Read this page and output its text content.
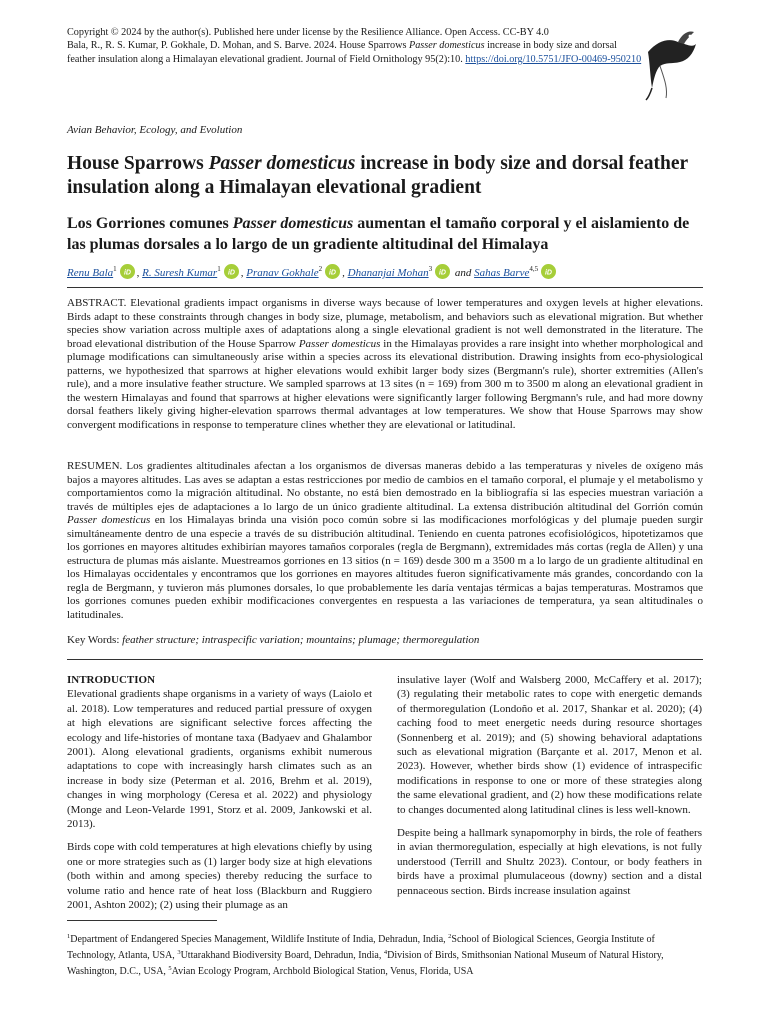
Copyright © 2024 by the author(s). Published here under license by the Resilience Alliance. Open Access. CC-BY 4.0
Bala, R., R. S. Kumar, P. Gokhale, D. Mohan, and S. Barve. 2024. House Sparrows Passer domesticus increase in body size and dorsal feather insulation along a Himalayan elevational gradient. Journal of Field Ornithology 95(2):10. https://doi.org/10.5751/JFO-00469-950210
Avian Behavior, Ecology, and Evolution
House Sparrows Passer domesticus increase in body size and dorsal feather insulation along a Himalayan elevational gradient
Los Gorriones comunes Passer domesticus aumentan el tamaño corporal y el aislamiento de las plumas dorsales a lo largo de un gradiente altitudinal del Himalaya
Renu Bala$^1$ iD , R. Suresh Kumar$^1$ iD , Pranav Gokhale$^2$ iD , Dhananjai Mohan$^3$ iD and Sahas Barve$^{4,5}$ iD

ABSTRACT. Elevational gradients impact organisms in diverse ways because of lower temperatures and oxygen levels at higher elevations. Birds adapt to these constraints through changes in body size, plumage, metabolism, and behaviors such as elevational migration. But whether species show variation across multiple axes of adaptations along a single elevational gradient is not well demonstrated in the literature. The broad elevational distribution of the House Sparrow Passer domesticus in the Himalayas provides a rare insight into whether morphological and plumage modifications can simultaneously arise within a species across its elevational distribution. Drawing insights from eco-physiological patterns, we hypothesized that sparrows at higher elevations would exhibit larger body sizes (Bergmann's rule), shorter extremities (Allen's rule), and a more insulative feather structure. We sampled sparrows at 13 sites (n = 169) from 300 m to 3500 m along an elevational gradient in the western Himalayas and found that sparrows at higher elevations were significantly larger following Bergmann's rule, and had more downy dorsal feathers likely giving higher-elevation sparrows thermal advantages at low temperatures. We show that House Sparrows may show convergent modifications in response to temperature clines whether they are elevational or latitudinal.

RESUMEN. Los gradientes altitudinales afectan a los organismos de diversas maneras debido a las temperaturas y niveles de oxígeno más bajos a mayores altitudes. Las aves se adaptan a estas restricciones por medio de cambios en el tamaño corporal, el plumaje y el metabolismo y comportamientos como la migración altitudinal. No obstante, no está bien demostrado en la bibliografía si las especies muestran variación a través de múltiples ejes de adaptaciones a lo largo de un único gradiente altitudinal. La extensa distribución altitudinal del Gorrión común Passer domesticus en los Himalayas brinda una visión poco común sobre si las modificaciones morfológicas y del plumaje pueden surgir simultáneamente dentro de una especie a través de su distribución altitudinal. Teniendo en cuenta patrones ecofisiológicos, hipotetizamos que los gorriones en mayores altitudes exhibirían mayores tamaños corporales (regla de Bergmann), extremidades más cortas (regla de Allen) y una estructura de plumas más aislante. Muestreamos gorriones en 13 sitios (n = 169) desde 300 m a 3500 m a lo largo de un gradiente altitudinal en los Himalayas occidentales y encontramos que los gorriones en mayores altitudes fueron significativamente más grandes, concordando con la regla de Bergmann, y tuvieron más plumones dorsales, lo que probablemente les daría ventajas térmicas a bajas temperaturas. Mostramos que los gorriones comunes pueden exhibir modificaciones convergentes en respuesta a las variaciones de temperatura, ya sean altitudinales o latitudinales.

Key Words: feather structure; intraspecific variation; mountains; plumage; thermoregulation
INTRODUCTION

Elevational gradients shape organisms in a variety of ways (Laiolo et al. 2018). Low temperatures and reduced partial pressure of oxygen at high elevations are significant selective forces affecting the ecology and life-histories of montane taxa (Badyaev and Ghalambor 2001). Along elevational gradients, organisms exhibit numerous adaptations to cope with increasingly harsh climates such as an increase in body size (Peterman et al. 2016, Brehm et al. 2019), changes in wing morphology (Ceresa et al. 2022) and physiology (Monge and Leon-Velarde 1991, Storz et al. 2009, Jankowski et al. 2013).

Birds cope with cold temperatures at high elevations chiefly by using one or more strategies such as (1) larger body size at high elevations (both within and among species) thereby reducing the surface to volume ratio and hence rate of heat loss (Blackburn and Ruggiero 2001, Ashton 2002); (2) using their plumage as an

insulative layer (Wolf and Walsberg 2000, McCaffery et al. 2017); (3) regulating their metabolic rates to cope with energetic demands of thermoregulation (Londoño et al. 2017, Shankar et al. 2020); (4) caching food to meet energetic needs during resource shortages (Sonnenberg et al. 2019); and (5) showing behavioral adaptations such as elevational migration (Barçante et al. 2017, Menon et al. 2023). However, whether birds show (1) evidence of intraspecific modifications in response to one or more of these strategies along the same elevational gradient, and (2) how these modifications relate to changes documented along latitudinal clines is less well-known.

Despite being a hallmark synapomorphy in birds, the role of feathers in avian thermoregulation, especially at high elevations, is not fully understood (Terrill and Shultz 2023). Contour, or body feathers in birds have a proximal plumulaceous (downy) section and a distal pennaceous section. Birds increase insulation against

$^1$Department of Endangered Species Management, Wildlife Institute of India, Dehradun, India, $^2$School of Biological Sciences, Georgia Institute of Technology, Atlanta, USA, $^3$Uttarakhand Biodiversity Board, Dehradun, India, $^4$Division of Birds, Smithsonian National Museum of Natural History, Washington, D.C., USA, $^5$Avian Ecology Program, Archbold Biological Station, Venus, Florida, USA
